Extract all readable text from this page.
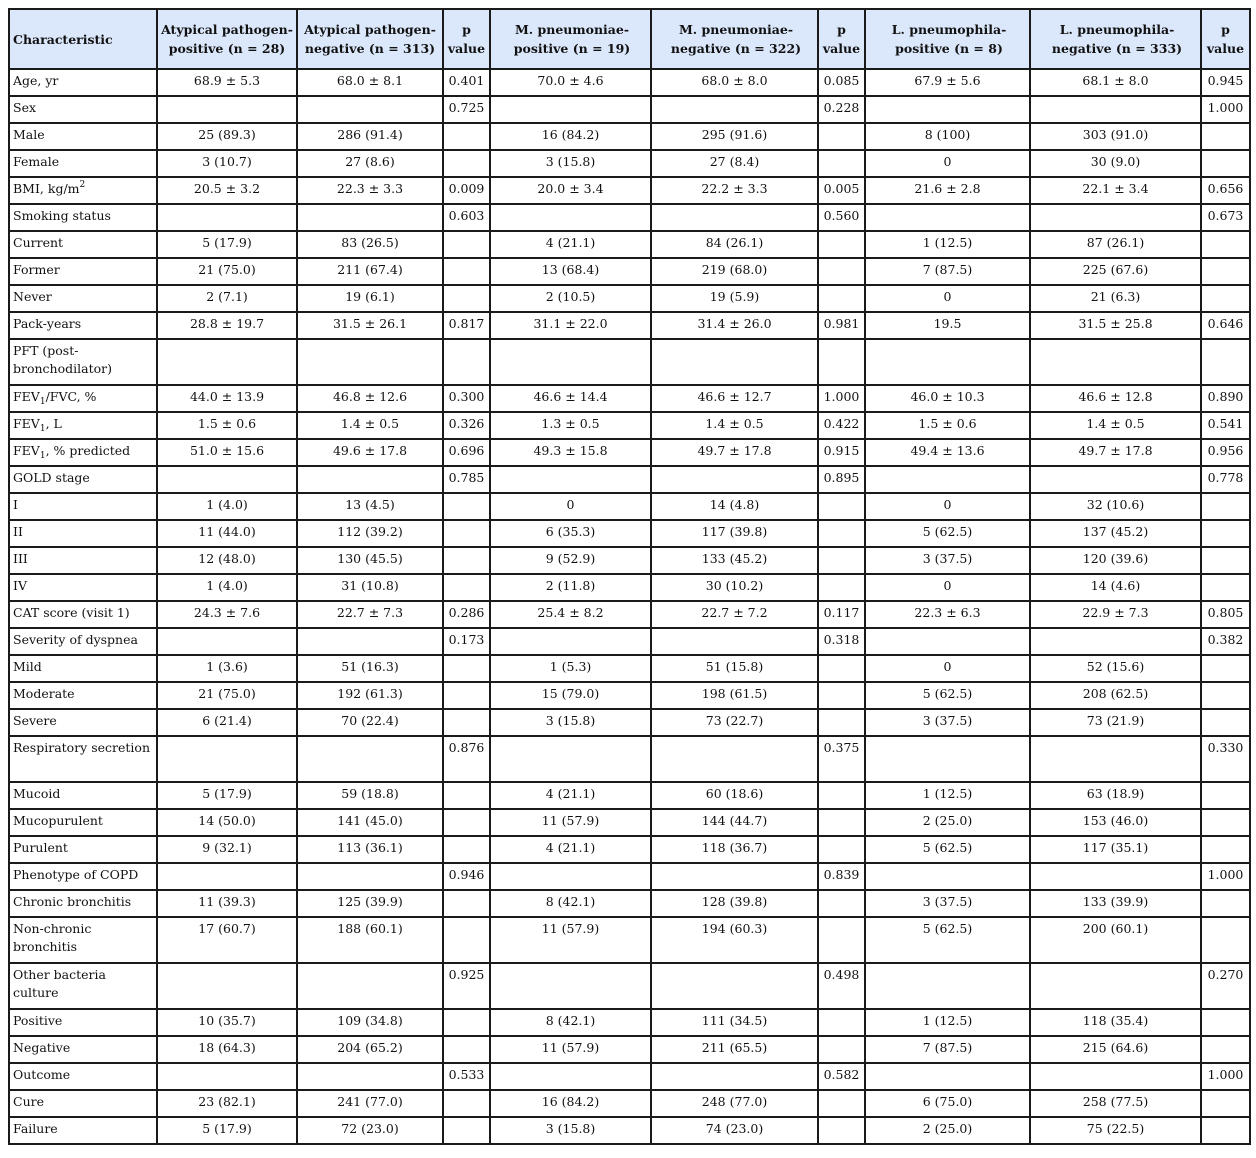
Characteristic	Atypical pathogen-positive (n = 28)	Atypical pathogen-negative (n = 313)	p value	M. pneumoniae-positive (n = 19)	M. pneumoniae-negative (n = 322)	p value	L. pneumophila-positive (n = 8)	L. pneumophila-negative (n = 333)	p value
Age, yr	68.9 ± 5.3	68.0 ± 8.1	0.401	70.0 ± 4.6	68.0 ± 8.0	0.085	67.9 ± 5.6	68.1 ± 8.0	0.945
Sex			0.725			0.228			1.000
Male	25 (89.3)	286 (91.4)		16 (84.2)	295 (91.6)		8 (100)	303 (91.0)	
Female	3 (10.7)	27 (8.6)		3 (15.8)	27 (8.4)		0	30 (9.0)	
BMI, $kg/m^2$	20.5 ± 3.2	22.3 ± 3.3	0.009	20.0 ± 3.4	22.2 ± 3.3	0.005	21.6 ± 2.8	22.1 ± 3.4	0.656
Smoking status			0.603			0.560			0.673
Current	5 (17.9)	83 (26.5)		4 (21.1)	84 (26.1)		1 (12.5)	87 (26.1)	
Former	21 (75.0)	211 (67.4)		13 (68.4)	219 (68.0)		7 (87.5)	225 (67.6)	
Never	2 (7.1)	19 (6.1)		2 (10.5)	19 (5.9)		0	21 (6.3)	
Pack-years	28.8 ± 19.7	31.5 ± 26.1	0.817	31.1 ± 22.0	31.4 ± 26.0	0.981	19.5	31.5 ± 25.8	0.646
PFT (post-bronchodilator)									
$FEV_1$/FVC, %	44.0 ± 13.9	46.8 ± 12.6	0.300	46.6 ± 14.4	46.6 ± 12.7	1.000	46.0 ± 10.3	46.6 ± 12.8	0.890
$FEV_1$, L	1.5 ± 0.6	1.4 ± 0.5	0.326	1.3 ± 0.5	1.4 ± 0.5	0.422	1.5 ± 0.6	1.4 ± 0.5	0.541
$FEV_1$, % predicted	51.0 ± 15.6	49.6 ± 17.8	0.696	49.3 ± 15.8	49.7 ± 17.8	0.915	49.4 ± 13.6	49.7 ± 17.8	0.956
GOLD stage			0.785			0.895			0.778
I	1 (4.0)	13 (4.5)		0	14 (4.8)		0	32 (10.6)	
II	11 (44.0)	112 (39.2)		6 (35.3)	117 (39.8)		5 (62.5)	137 (45.2)	
III	12 (48.0)	130 (45.5)		9 (52.9)	133 (45.2)		3 (37.5)	120 (39.6)	
IV	1 (4.0)	31 (10.8)		2 (11.8)	30 (10.2)		0	14 (4.6)	
CAT score (visit 1)	24.3 ± 7.6	22.7 ± 7.3	0.286	25.4 ± 8.2	22.7 ± 7.2	0.117	22.3 ± 6.3	22.9 ± 7.3	0.805
Severity of dyspnea			0.173			0.318			0.382
Mild	1 (3.6)	51 (16.3)		1 (5.3)	51 (15.8)		0	52 (15.6)	
Moderate	21 (75.0)	192 (61.3)		15 (79.0)	198 (61.5)		5 (62.5)	208 (62.5)	
Severe	6 (21.4)	70 (22.4)		3 (15.8)	73 (22.7)		3 (37.5)	73 (21.9)	
Respiratory secretion			0.876			0.375			0.330
Mucoid	5 (17.9)	59 (18.8)		4 (21.1)	60 (18.6)		1 (12.5)	63 (18.9)	
Mucopurulent	14 (50.0)	141 (45.0)		11 (57.9)	144 (44.7)		2 (25.0)	153 (46.0)	
Purulent	9 (32.1)	113 (36.1)		4 (21.1)	118 (36.7)		5 (62.5)	117 (35.1)	
Phenotype of COPD			0.946			0.839			1.000
Chronic bronchitis	11 (39.3)	125 (39.9)		8 (42.1)	128 (39.8)		3 (37.5)	133 (39.9)	
Non-chronic bronchitis	17 (60.7)	188 (60.1)		11 (57.9)	194 (60.3)		5 (62.5)	200 (60.1)	
Other bacteria culture			0.925			0.498			0.270
Positive	10 (35.7)	109 (34.8)		8 (42.1)	111 (34.5)		1 (12.5)	118 (35.4)	
Negative	18 (64.3)	204 (65.2)		11 (57.9)	211 (65.5)		7 (87.5)	215 (64.6)	
Outcome			0.533			0.582			1.000
Cure	23 (82.1)	241 (77.0)		16 (84.2)	248 (77.0)		6 (75.0)	258 (77.5)	
Failure	5 (17.9)	72 (23.0)		3 (15.8)	74 (23.0)		2 (25.0)	75 (22.5)	
